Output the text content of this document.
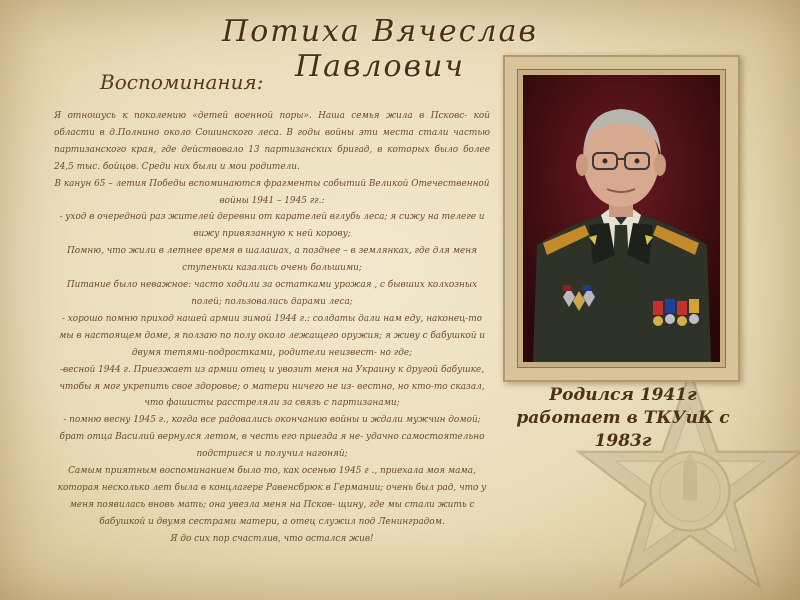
Потиха Вячеслав Павлович
Воспоминания:

Я отношусь к поколению «детей военной поры». Наша семья жила в Псковс- кой области в д.Полнино около Сошинского леса. В годы войны эти места стали частью партизанского края, где действовало 13 партизанских бригад, в которых было более 24,5 тыс. бойцов. Среди них были и мои родители.

В канун 65 – летия Победы вспоминаются фрагменты событий Великой Отечественной войны 1941 – 1945 гг.:

- уход в очередной раз жителей деревни от карателей вглубь леса; я сижу на телеге и вижу привязанную к ней корову;

Помню, что жили в летнее время в шалашах, а позднее – в землянках, где для меня ступеньки казались очень большими;

Питание было неважное: часто ходили за остатками урожая , с бывших колхозных полей; пользовались дарами леса;

- хорошо помню приход нашей армии зимой 1944 г.: солдаты дали нам еду, наконец-то мы в настоящем доме, я ползаю по полу около лежащего оружия; я живу с бабушкой и двумя тетями-подростками, родители неизвест- но где;

-весной 1944 г. Приезжает из армии отец и увозит меня на Украину к другой бабушке, чтобы я мог укрепить свое здоровье; о матери ничего не из- вестно, но кто-то сказал, что фашисты расстреляли за связь с партизанами;

- помню весну 1945 г., когда все радовались окончанию войны и ждали мужчин домой; брат отца Василий вернулся летом, в честь его приезда я не- удачно самостоятельно подстригся и получил нагоняй;

Самым приятным воспоминанием было то, как осенью 1945 г ., приехала моя мама, которая несколько лет была в концлагере Равенсбрюк в Германии; очень был рад, что у меня появилась вновь мать; она увезла меня на Псков- щину, где мы стали жить с бабушкой и двумя сестрами матери, а отец служил под Ленинградом.

Я до сих пор счастлив, что остался жив!

Родился 1941г

работает в ТКУиК с 1983г
